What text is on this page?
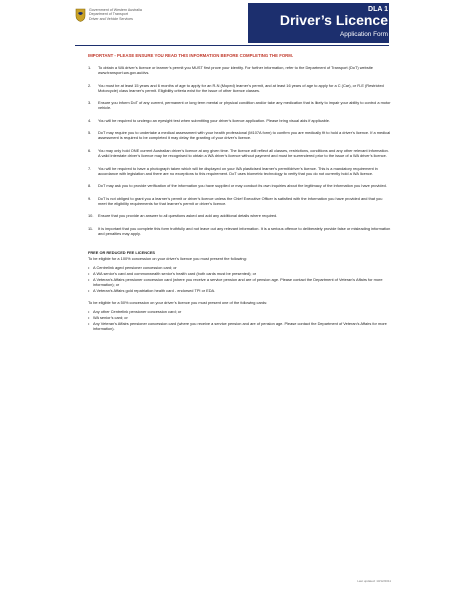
Government of Western Australia
Department of Transport
Driver and Vehicle Services
DLA 1
Driver’s Licence
Application Form
IMPORTANT - PLEASE ENSURE YOU READ THIS INFORMATION BEFORE COMPLETING THE FORM.
1. To obtain a WA driver’s licence or learner’s permit you MUST first prove your identity. For further information, refer to the Department of Transport (DoT) website www.transport.wa.gov.au/dvs.
2. You must be at least 15 years and 6 months of age to apply for an R-N (Moped) learner’s permit, and at least 16 years of age to apply for a C (Car), or R-E (Restricted Motorcycle) class learner’s permit. Eligibility criteria exist for the issue of other licence classes.
3. Ensure you inform DoT of any current, permanent or long term mental or physical condition and/or take any medication that is likely to impair your ability to control a motor vehicle.
4. You will be required to undergo an eyesight test when submitting your driver’s licence application. Please bring visual aids if applicable.
5. DoT may require you to undertake a medical assessment with your health professional (M107A form) to confirm you are medically fit to hold a driver’s licence. If a medical assessment is required to be completed it may delay the granting of your driver’s licence.
6. You may only hold ONE current Australian driver’s licence at any given time. The licence will reflect all classes, restrictions, conditions and any other relevant information. A valid interstate driver’s licence may be recognised to obtain a WA driver’s licence without payment and must be surrendered prior to the issue of a WA driver’s licence.
7. You will be required to have a photograph taken which will be displayed on your WA plasticised learner’s permit/driver’s licence. This is a mandatory requirement in accordance with legislation and there are no exceptions to this requirement. DoT uses biometric technology to verify that you do not currently hold a WA licence.
8. DoT may ask you to provide verification of the information you have supplied or may conduct its own inquiries about the legitimacy of the information you have provided.
9. DoT is not obliged to grant you a learner’s permit or driver’s licence unless the Chief Executive Officer is satisfied with the information you have provided and that you meet the eligibility requirements for that learner’s permit or driver’s licence.
10. Ensure that you provide an answer to all questions asked and add any additional details where required.
11. It is important that you complete this form truthfully and not leave out any relevant information. It is a serious offence to deliberately provide false or misleading information and penalties may apply.
FREE OR REDUCED FEE LICENCES
To be eligible for a 100% concession on your driver’s licence you must present the following:
• A Centrelink aged pensioner concession card; or
• A WA senior’s card and commonwealth senior’s health card (both cards must be presented); or
• A Veteran’s Affairs pensioner concession card (where you receive a service pension and are of pension age. Please contact the Department of Veteran’s Affairs for more information); or
• A Veteran’s Affairs gold repatriation health card - endorsed TPI or EDA.
To be eligible for a 50% concession on your driver’s licence you must present one of the following cards:
• Any other Centrelink pensioner concession card; or
• WA senior’s card; or
• Any Veteran’s Affairs pensioner concession card (where you receive a service pension and are of pension age. Please contact the Department of Veteran’s Affairs for more information).
Last updated: 13/12/2011
